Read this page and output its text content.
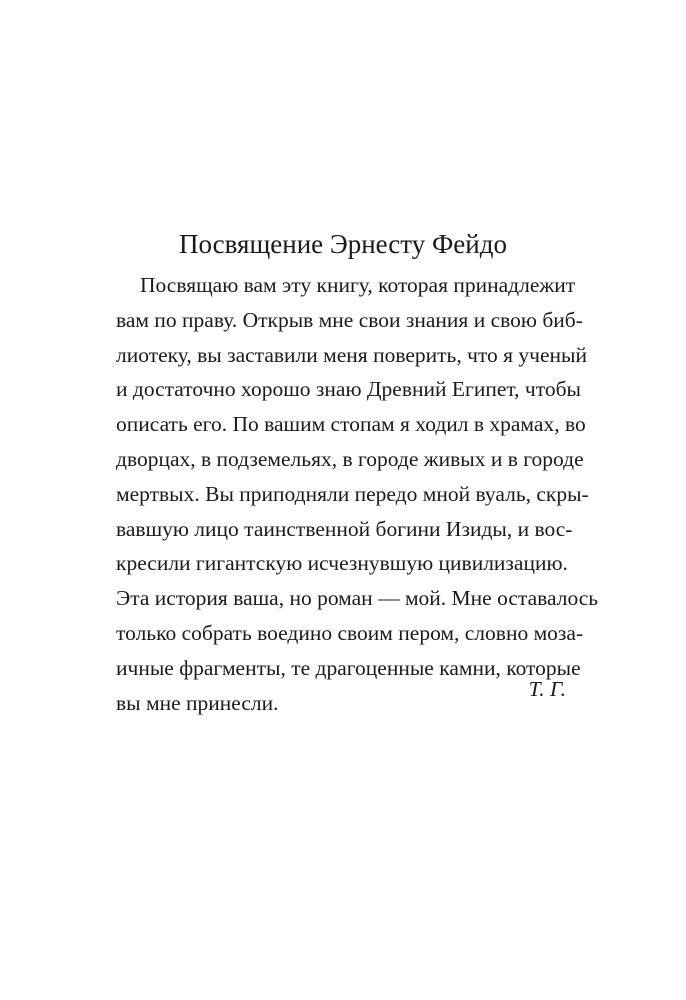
Посвящение Эрнесту Фейдо
Посвящаю вам эту книгу, которая принадлежит
вам по праву. Открыв мне свои знания и свою биб-
лиотеку, вы заставили меня поверить, что я ученый
и достаточно хорошо знаю Древний Египет, чтобы
описать его. По вашим стопам я ходил в храмах, во
дворцах, в подземельях, в городе живых и в городе
мертвых. Вы приподняли передо мной вуаль, скры-
вавшую лицо таинственной богини Изиды, и вос-
кресили гигантскую исчезнувшую цивилизацию.
Эта история ваша, но роман — мой. Мне оставалось
только собрать воедино своим пером, словно моза-
ичные фрагменты, те драгоценные камни, которые
вы мне принесли.
Т. Г.
